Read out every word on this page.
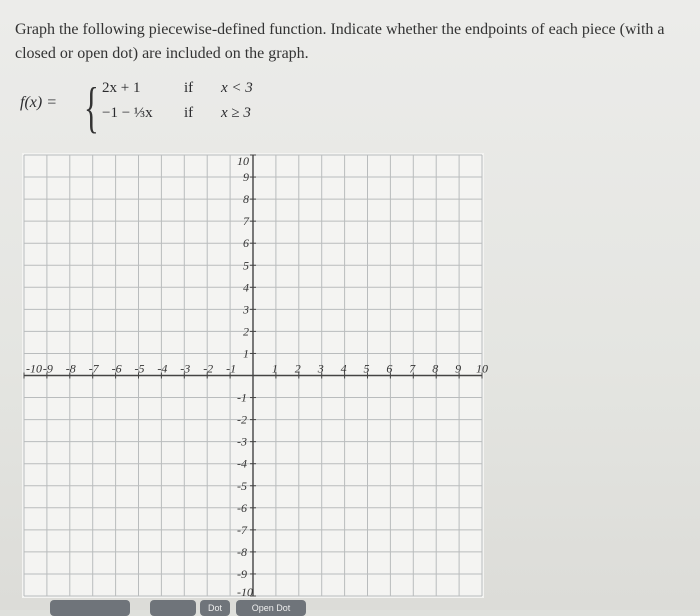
Graph the following piecewise-defined function. Indicate whether the endpoints of each piece (with a closed or open dot) are included on the graph.
f(x) = { 2x + 1	if x < 3
−1 − ⅓x if x ≥ 3
-10 -9 -8 -7 -6 -5 -4 -3 -2 -1	1 2 3 4 5 6 7 8 9 10
10
9
8
7
6
5
4
3
2
1
-1
-2
-3
-4
-5
-6
-7
-8
-9
-10
Dot	Open Dot
